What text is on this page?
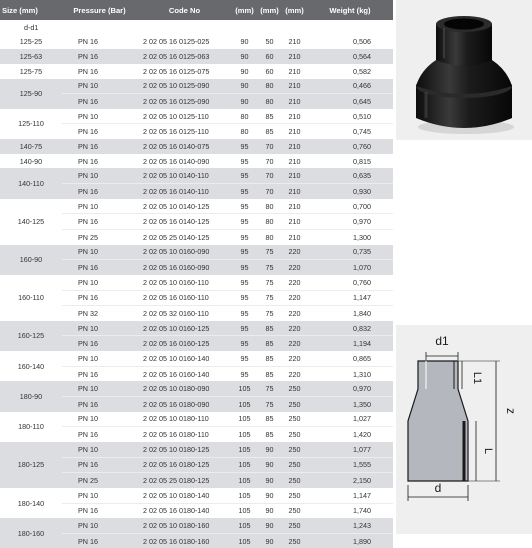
Size (mm)	Pressure (Bar)	Code No	(mm)	(mm)	(mm)	Weight (kg)
d-d1						
125-25	PN 16	2 02 05 16 0125-025	90	50	210	0,506
125-63	PN 16	2 02 05 16 0125-063	90	60	210	0,564
125-75	PN 16	2 02 05 16 0125-075	90	60	210	0,582
125-90	PN 10	2 02 05 10 0125-090	90	80	210	0,466
	PN 16	2 02 05 16 0125-090	90	80	210	0,645
125-110	PN 10	2 02 05 10 0125-110	80	85	210	0,510
	PN 16	2 02 05 16 0125-110	80	85	210	0,745
140-75	PN 16	2 02 05 16 0140-075	95	70	210	0,760
140-90	PN 16	2 02 05 16 0140-090	95	70	210	0,815
140-110	PN 10	2 02 05 10 0140-110	95	70	210	0,635
	PN 16	2 02 05 16 0140-110	95	70	210	0,930
140-125	PN 10	2 02 05 10 0140-125	95	80	210	0,700
	PN 16	2 02 05 16 0140-125	95	80	210	0,970
	PN 25	2 02 05 25 0140-125	95	80	210	1,300
160-90	PN 10	2 02 05 10 0160-090	95	75	220	0,735
	PN 16	2 02 05 16 0160-090	95	75	220	1,070
160-110	PN 10	2 02 05 10 0160-110	95	75	220	0,760
	PN 16	2 02 05 16 0160-110	95	75	220	1,147
	PN 32	2 02 05 32 0160-110	95	75	220	1,840
160-125	PN 10	2 02 05 10 0160-125	95	85	220	0,832
	PN 16	2 02 05 16 0160-125	95	85	220	1,194
160-140	PN 10	2 02 05 10 0160-140	95	85	220	0,865
	PN 16	2 02 05 16 0160-140	95	85	220	1,310
180-90	PN 10	2 02 05 10 0180-090	105	75	250	0,970
	PN 16	2 02 05 16 0180-090	105	75	250	1,350
180-110	PN 10	2 02 05 10 0180-110	105	85	250	1,027
	PN 16	2 02 05 16 0180-110	105	85	250	1,420
180-125	PN 10	2 02 05 10 0180-125	105	90	250	1,077
	PN 16	2 02 05 16 0180-125	105	90	250	1,555
	PN 25	2 02 05 25 0180-125	105	90	250	2,150
180-140	PN 10	2 02 05 10 0180-140	105	90	250	1,147
	PN 16	2 02 05 16 0180-140	105	90	250	1,740
180-160	PN 10	2 02 05 10 0180-160	105	90	250	1,243
	PN 16	2 02 05 16 0180-160	105	90	250	1,890
d1
L1
z
L
d
